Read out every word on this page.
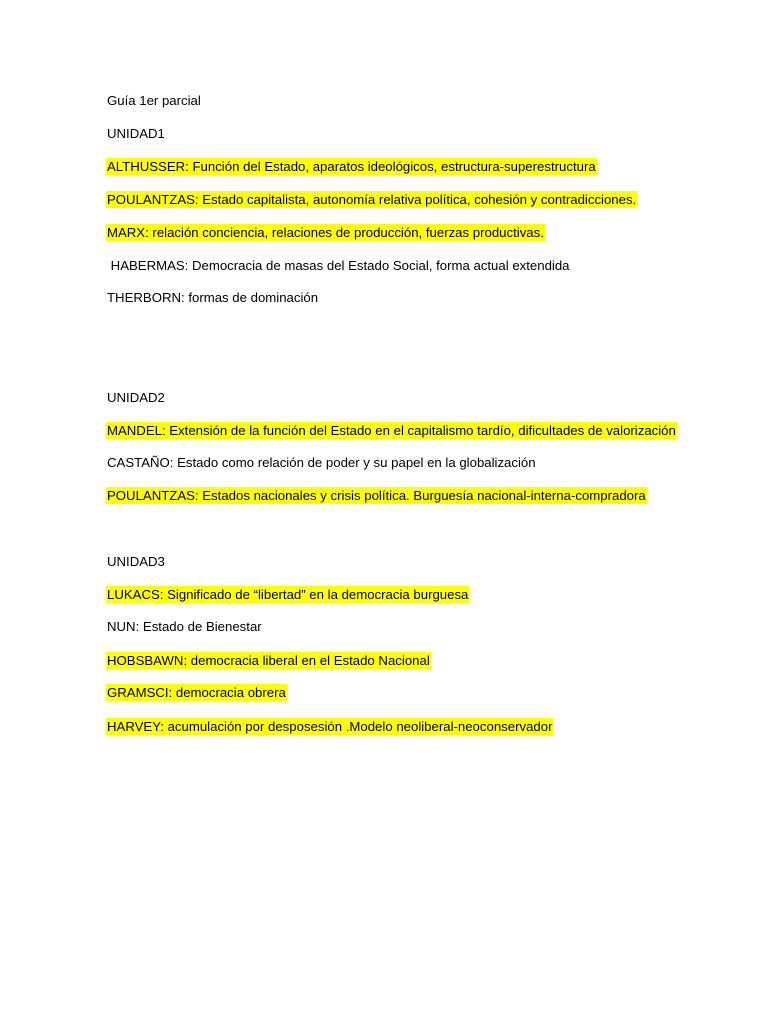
Guía 1er parcial
UNIDAD1
ALTHUSSER: Función del Estado, aparatos ideológicos, estructura-superestructura
POULANTZAS: Estado capitalista, autonomía relativa política, cohesión y contradicciones.
MARX: relación conciencia, relaciones de producción, fuerzas productivas.
HABERMAS: Democracia de masas del Estado Social, forma actual extendida
THERBORN: formas de dominación
UNIDAD2
MANDEL: Extensión de la función del Estado en el capitalismo tardío, dificultades de valorización
CASTAÑO: Estado como relación de poder y su papel en la globalización
POULANTZAS: Estados nacionales y crisis política. Burguesía nacional-interna-compradora
UNIDAD3
LUKACS: Significado de “libertad” en la democracia burguesa
NUN: Estado de Bienestar
HOBSBAWN: democracia liberal en el Estado Nacional
GRAMSCI: democracia obrera
HARVEY: acumulación por desposesión .Modelo neoliberal-neoconservador
